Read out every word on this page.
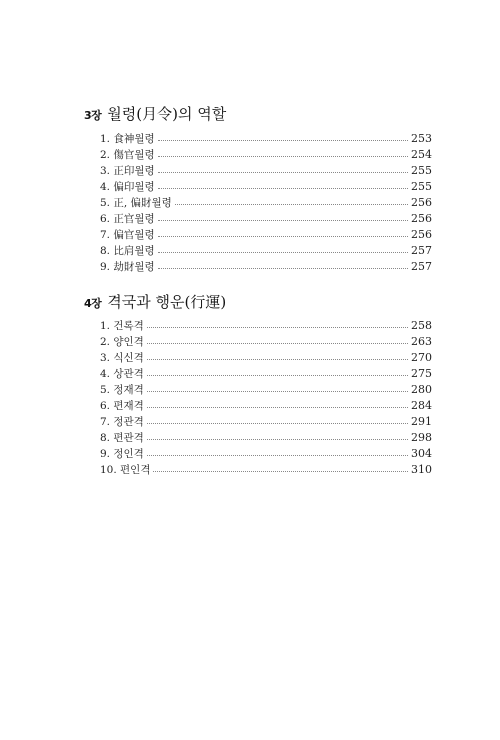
3장 월령(月令)의 역할
1. 食神월령	253
2. 傷官월령	254
3. 正印월령	255
4. 偏印월령	255
5. 正, 偏財월령	256
6. 正官월령	256
7. 偏官월령	256
8. 比肩월령	257
9. 劫財월령	257
4장 격국과 행운(行運)
1. 건록격	258
2. 양인격	263
3. 식신격	270
4. 상관격	275
5. 정재격	280
6. 편재격	284
7. 정관격	291
8. 편관격	298
9. 정인격	304
10. 편인격	310
